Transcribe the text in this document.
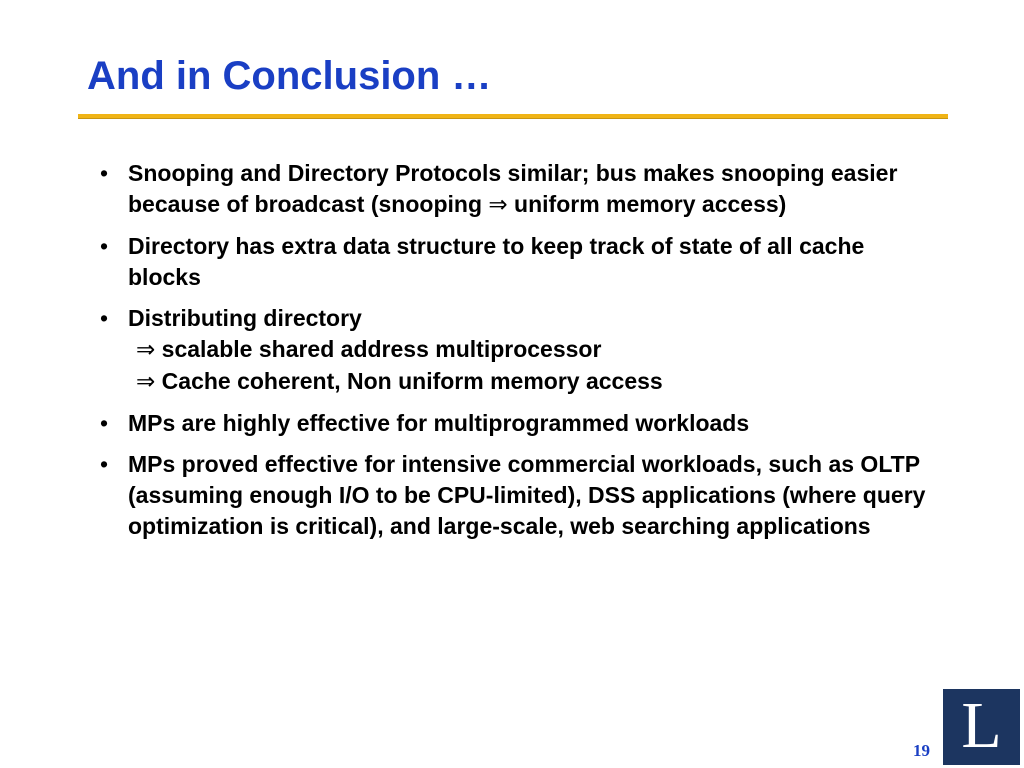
And in Conclusion …
• Snooping and Directory Protocols similar; bus makes snooping easier because of broadcast (snooping ⇒ uniform memory access)
• Directory has extra data structure to keep track of state of all cache blocks
• Distributing directory
⇒ scalable shared address multiprocessor
⇒ Cache coherent, Non uniform memory access
• MPs are highly effective for multiprogrammed workloads
• MPs proved effective for intensive commercial workloads, such as OLTP (assuming enough I/O to be CPU-limited), DSS applications (where query optimization is critical), and large-scale, web searching applications
19 L
